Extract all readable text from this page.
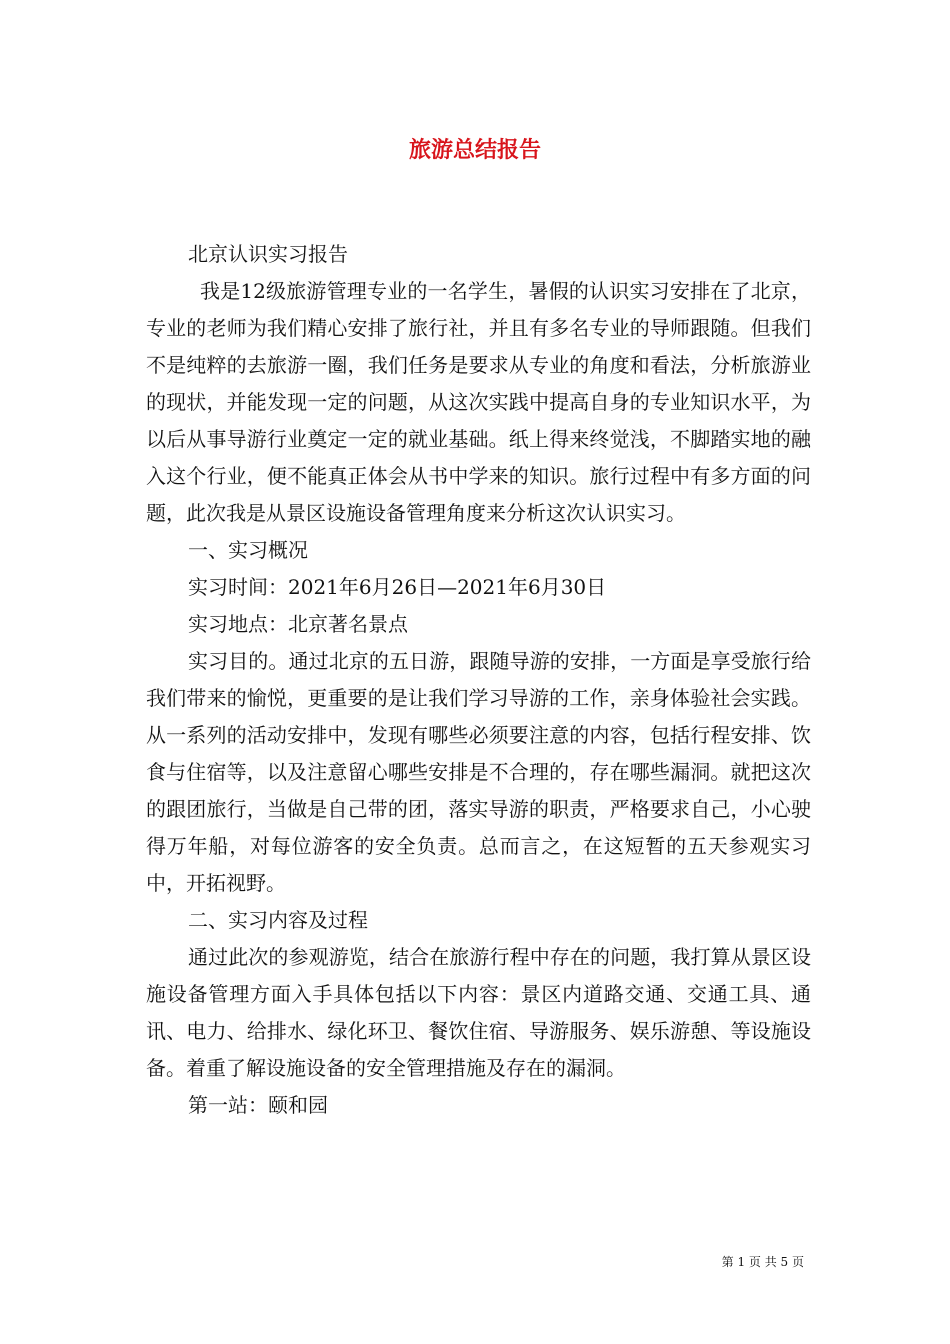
旅游总结报告

北京认识实习报告

我是12级旅游管理专业的一名学生，暑假的认识实习安排在了北京，专业的老师为我们精心安排了旅行社，并且有多名专业的导师跟随。但我们不是纯粹的去旅游一圈，我们任务是要求从专业的角度和看法，分析旅游业的现状，并能发现一定的问题，从这次实践中提高自身的专业知识水平，为以后从事导游行业奠定一定的就业基础。纸上得来终觉浅，不脚踏实地的融入这个行业，便不能真正体会从书中学来的知识。旅行过程中有多方面的问题，此次我是从景区设施设备管理角度来分析这次认识实习。

一、实习概况

实习时间：2021年6月26日—2021年6月30日

实习地点：北京著名景点

实习目的。通过北京的五日游，跟随导游的安排，一方面是享受旅行给我们带来的愉悦，更重要的是让我们学习导游的工作，亲身体验社会实践。从一系列的活动安排中，发现有哪些必须要注意的内容，包括行程安排、饮食与住宿等，以及注意留心哪些安排是不合理的，存在哪些漏洞。就把这次的跟团旅行，当做是自己带的团，落实导游的职责，严格要求自己，小心驶得万年船，对每位游客的安全负责。总而言之，在这短暂的五天参观实习中，开拓视野。

二、实习内容及过程

通过此次的参观游览，结合在旅游行程中存在的问题，我打算从景区设施设备管理方面入手具体包括以下内容：景区内道路交通、交通工具、通讯、电力、给排水、绿化环卫、餐饮住宿、导游服务、娱乐游憩、等设施设备。着重了解设施设备的安全管理措施及存在的漏洞。

第一站：颐和园

第 1 页 共 5 页
